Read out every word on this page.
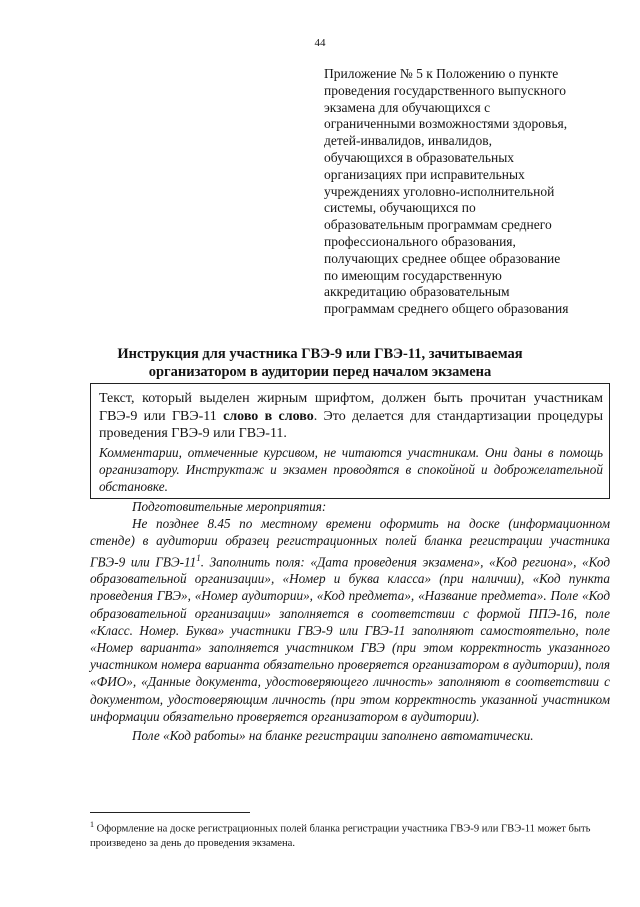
44
Приложение № 5 к Положению о пункте
проведения государственного выпускного
экзамена для обучающихся с
ограниченными возможностями здоровья,
детей-инвалидов, инвалидов,
обучающихся в образовательных
организациях при исправительных
учреждениях уголовно-исполнительной
системы, обучающихся по
образовательным программам среднего
профессионального образования,
получающих среднее общее образование
по имеющим государственную
аккредитацию образовательным
программам среднего общего образования
Инструкция для участника ГВЭ-9 или ГВЭ-11, зачитываемая
организатором в аудитории перед началом экзамена
Текст, который выделен жирным шрифтом, должен быть прочитан участникам ГВЭ-9 или ГВЭ-11 слово в слово. Это делается для стандартизации процедуры проведения ГВЭ-9 или ГВЭ-11.
Комментарии, отмеченные курсивом, не читаются участникам. Они даны в помощь организатору. Инструктаж и экзамен проводятся в спокойной и доброжелательной обстановке.
Подготовительные мероприятия:
Не позднее 8.45 по местному времени оформить на доске (информационном стенде) в аудитории образец регистрационных полей бланка регистрации участника ГВЭ-9 или ГВЭ-$11^1$. Заполнить поля: «Дата проведения экзамена», «Код региона», «Код образовательной организации», «Номер и буква класса» (при наличии), «Код пункта проведения ГВЭ», «Номер аудитории», «Код предмета», «Название предмета». Поле «Код образовательной организации» заполняется в соответствии с формой ППЭ-16, поле «Класс. Номер. Буква» участники ГВЭ-9 или ГВЭ-11 заполняют самостоятельно, поле «Номер варианта» заполняется участником ГВЭ (при этом корректность указанного участником номера варианта обязательно проверяется организатором в аудитории), поля «ФИО», «Данные документа, удостоверяющего личность» заполняют в соответствии с документом, удостоверяющим личность (при этом корректность указанной участником информации обязательно проверяется организатором в аудитории).
Поле «Код работы» на бланке регистрации заполнено автоматически.
$^1$ Оформление на доске регистрационных полей бланка регистрации участника ГВЭ-9 или ГВЭ-11 может быть произведено за день до проведения экзамена.
